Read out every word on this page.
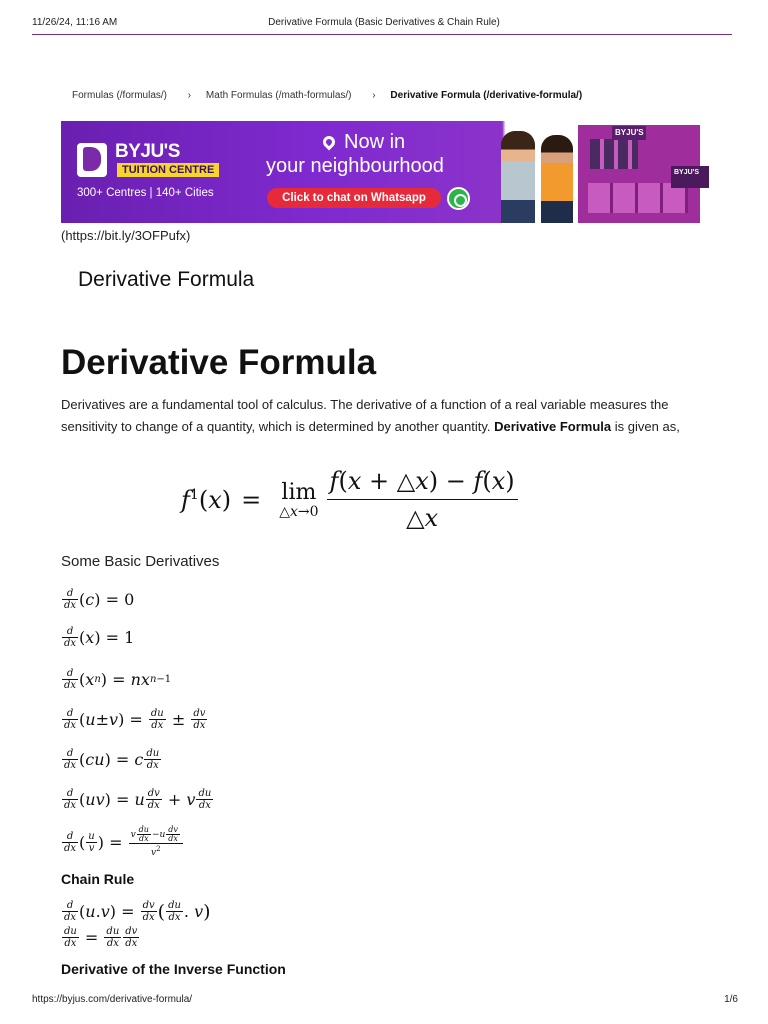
11/26/24, 11:16 AM	Derivative Formula (Basic Derivatives & Chain Rule)
Formulas (/formulas/) › Math Formulas (/math-formulas/) › Derivative Formula (/derivative-formula/)
BYJU'S
TUITION CENTRE
300+ Centres | 140+ Cities
Now in
your neighbourhood
Click to chat on Whatsapp
BYJU'S
BYJU'S
(https://bit.ly/3OFPufx)
Derivative Formula
Derivative Formula

Derivatives are a fundamental tool of calculus. The derivative of a function of a real variable measures the sensitivity to change of a quantity, which is determined by another quantity. Derivative Formula is given as,

$f^1(x) = \lim$
△x→0 $\frac{f(x + \triangle x) - f(x)}{\triangle x}$
Some Basic Derivatives
$\frac{d}{dx}$ ( c ) = 0
$\frac{d}{dx}$ ( x ) = 1
$\frac{d}{dx}$ ( x n ) = nx n−1
$\frac{d}{dx}$ ( u ± v ) =
$\frac{du}{dx} \pm \frac{dv}{dx}$
$\frac{d}{dx}$ ( cu ) = c $\frac{du}{dx}$
$\frac{d}{dx}$ ( uv ) = u $\frac{dv}{dx} + v \frac{du}{dx}$
$\frac{d}{dx}$ ( $\frac{u}{v}$ ) =
$\frac{v \frac{du}{dx} -u \frac{dv}{dx}}{v^2}$
Chain Rule
$\frac{d}{dx}$ ( u . v ) =
$\frac{dv}{dx}$ ( $\frac{du}{dx}$ . v )
$\frac{du}{dx} = \frac{du}{dx} \frac{dv}{dx}$
Derivative of the Inverse Function
https://byjus.com/derivative-formula/	1/6
